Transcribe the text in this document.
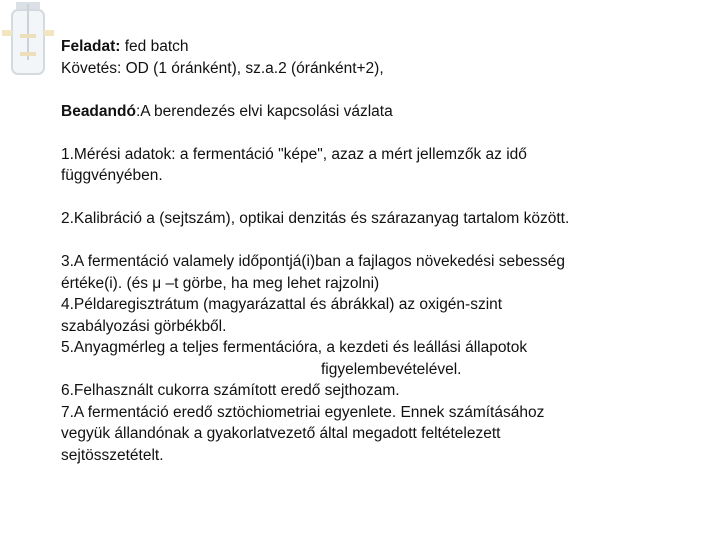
Feladat: fed batch

Követés: OD (1 óránként), sz.a.2 (óránként+2),

Beadandó:A berendezés elvi kapcsolási vázlata

1.Mérési adatok: a fermentáció "képe", azaz a mért jellemzők az idő

függvényében.

2.Kalibráció a (sejtszám), optikai denzitás és szárazanyag tartalom között.

3.A fermentáció valamely időpontjá(i)ban a fajlagos növekedési sebesség

értéke(i). (és μ –t görbe, ha meg lehet rajzolni)

4.Példaregisztrátum (magyarázattal és ábrákkal) az oxigén-szint

szabályozási görbékből.

5.Anyagmérleg a teljes fermentációra, a kezdeti és leállási állapotok

figyelembevételével.

6.Felhasznált cukorra számított eredő sejthozam.

7.A fermentáció eredő sztöchiometriai egyenlete. Ennek számításához

vegyük állandónak a gyakorlatvezető által megadott feltételezett

sejtösszetételt.
